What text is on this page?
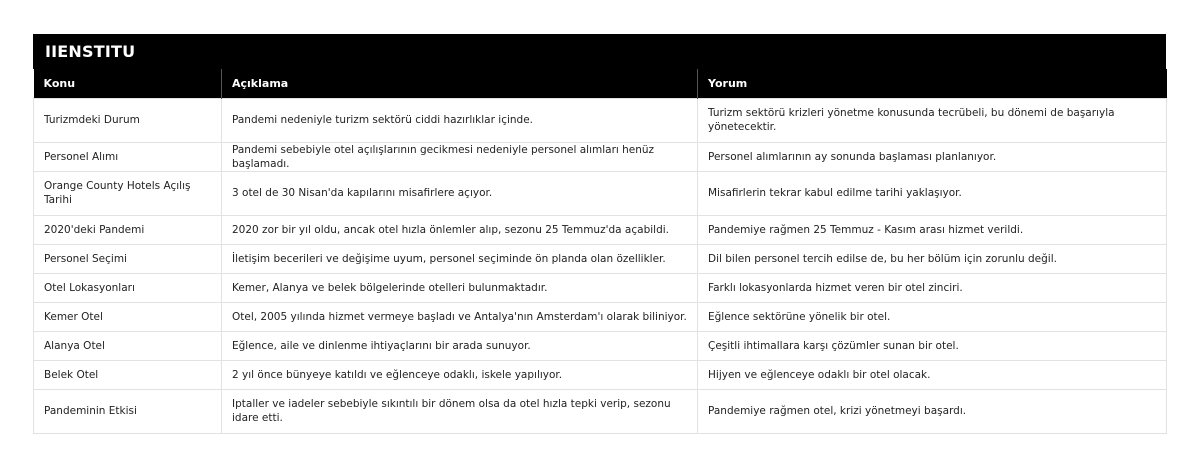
IIENSTITU
Konu	Açıklama	Yorum
Turizmdeki Durum	Pandemi nedeniyle turizm sektörü ciddi hazırlıklar içinde.	Turizm sektörü krizleri yönetme konusunda tecrübeli, bu dönemi de başarıyla yönetecektir.
Personel Alımı	Pandemi sebebiyle otel açılışlarının gecikmesi nedeniyle personel alımları henüz başlamadı.	Personel alımlarının ay sonunda başlaması planlanıyor.
Orange County Hotels Açılış Tarihi	3 otel de 30 Nisan'da kapılarını misafirlere açıyor.	Misafirlerin tekrar kabul edilme tarihi yaklaşıyor.
2020'deki Pandemi	2020 zor bir yıl oldu, ancak otel hızla önlemler alıp, sezonu 25 Temmuz'da açabildi.	Pandemiye rağmen 25 Temmuz - Kasım arası hizmet verildi.
Personel Seçimi	İletişim becerileri ve değişime uyum, personel seçiminde ön planda olan özellikler.	Dil bilen personel tercih edilse de, bu her bölüm için zorunlu değil.
Otel Lokasyonları	Kemer, Alanya ve belek bölgelerinde otelleri bulunmaktadır.	Farklı lokasyonlarda hizmet veren bir otel zinciri.
Kemer Otel	Otel, 2005 yılında hizmet vermeye başladı ve Antalya'nın Amsterdam'ı olarak biliniyor.	Eğlence sektörüne yönelik bir otel.
Alanya Otel	Eğlence, aile ve dinlenme ihtiyaçlarını bir arada sunuyor.	Çeşitli ihtimallara karşı çözümler sunan bir otel.
Belek Otel	2 yıl önce bünyeye katıldı ve eğlenceye odaklı, iskele yapılıyor.	Hijyen ve eğlenceye odaklı bir otel olacak.
Pandeminin Etkisi	Iptaller ve iadeler sebebiyle sıkıntılı bir dönem olsa da otel hızla tepki verip, sezonu idare etti.	Pandemiye rağmen otel, krizi yönetmeyi başardı.
